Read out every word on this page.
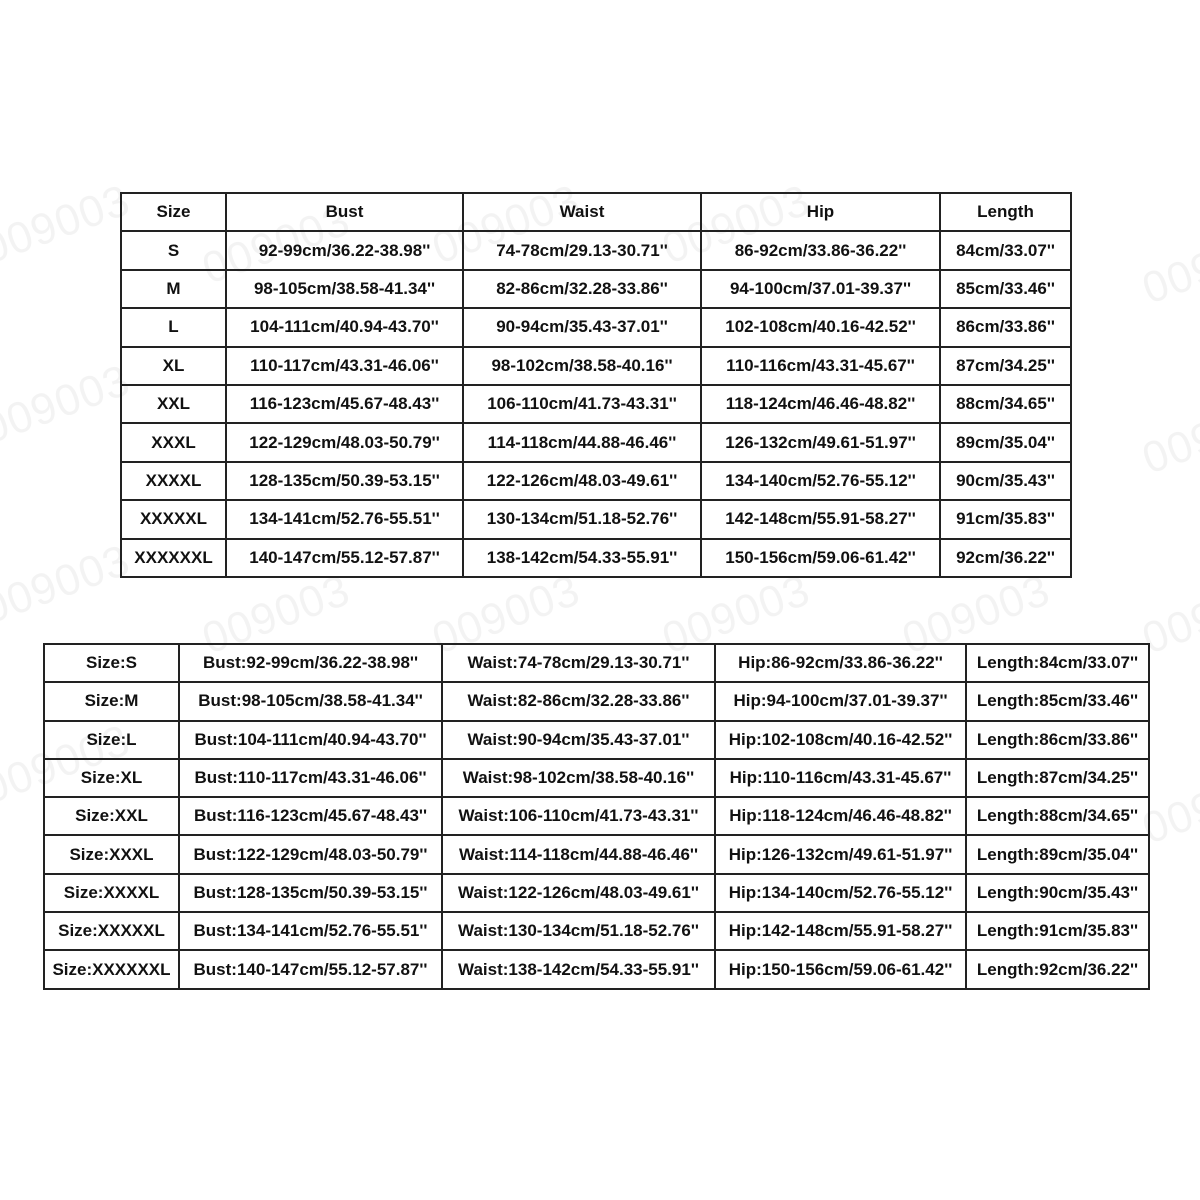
Size	Bust	Waist	Hip	Length
S	92-99cm/36.22-38.98''	74-78cm/29.13-30.71''	86-92cm/33.86-36.22''	84cm/33.07''
M	98-105cm/38.58-41.34''	82-86cm/32.28-33.86''	94-100cm/37.01-39.37''	85cm/33.46''
L	104-111cm/40.94-43.70''	90-94cm/35.43-37.01''	102-108cm/40.16-42.52''	86cm/33.86''
XL	110-117cm/43.31-46.06''	98-102cm/38.58-40.16''	110-116cm/43.31-45.67''	87cm/34.25''
XXL	116-123cm/45.67-48.43''	106-110cm/41.73-43.31''	118-124cm/46.46-48.82''	88cm/34.65''
XXXL	122-129cm/48.03-50.79''	114-118cm/44.88-46.46''	126-132cm/49.61-51.97''	89cm/35.04''
XXXXL	128-135cm/50.39-53.15''	122-126cm/48.03-49.61''	134-140cm/52.76-55.12''	90cm/35.43''
XXXXXL	134-141cm/52.76-55.51''	130-134cm/51.18-52.76''	142-148cm/55.91-58.27''	91cm/35.83''
XXXXXXL	140-147cm/55.12-57.87''	138-142cm/54.33-55.91''	150-156cm/59.06-61.42''	92cm/36.22''
Size:S	Bust:92-99cm/36.22-38.98''	Waist:74-78cm/29.13-30.71''	Hip:86-92cm/33.86-36.22''	Length:84cm/33.07''
Size:M	Bust:98-105cm/38.58-41.34''	Waist:82-86cm/32.28-33.86''	Hip:94-100cm/37.01-39.37''	Length:85cm/33.46''
Size:L	Bust:104-111cm/40.94-43.70''	Waist:90-94cm/35.43-37.01''	Hip:102-108cm/40.16-42.52''	Length:86cm/33.86''
Size:XL	Bust:110-117cm/43.31-46.06''	Waist:98-102cm/38.58-40.16''	Hip:110-116cm/43.31-45.67''	Length:87cm/34.25''
Size:XXL	Bust:116-123cm/45.67-48.43''	Waist:106-110cm/41.73-43.31''	Hip:118-124cm/46.46-48.82''	Length:88cm/34.65''
Size:XXXL	Bust:122-129cm/48.03-50.79''	Waist:114-118cm/44.88-46.46''	Hip:126-132cm/49.61-51.97''	Length:89cm/35.04''
Size:XXXXL	Bust:128-135cm/50.39-53.15''	Waist:122-126cm/48.03-49.61''	Hip:134-140cm/52.76-55.12''	Length:90cm/35.43''
Size:XXXXXL	Bust:134-141cm/52.76-55.51''	Waist:130-134cm/51.18-52.76''	Hip:142-148cm/55.91-58.27''	Length:91cm/35.83''
Size:XXXXXXL	Bust:140-147cm/55.12-57.87''	Waist:138-142cm/54.33-55.91''	Hip:150-156cm/59.06-61.42''	Length:92cm/36.22''
